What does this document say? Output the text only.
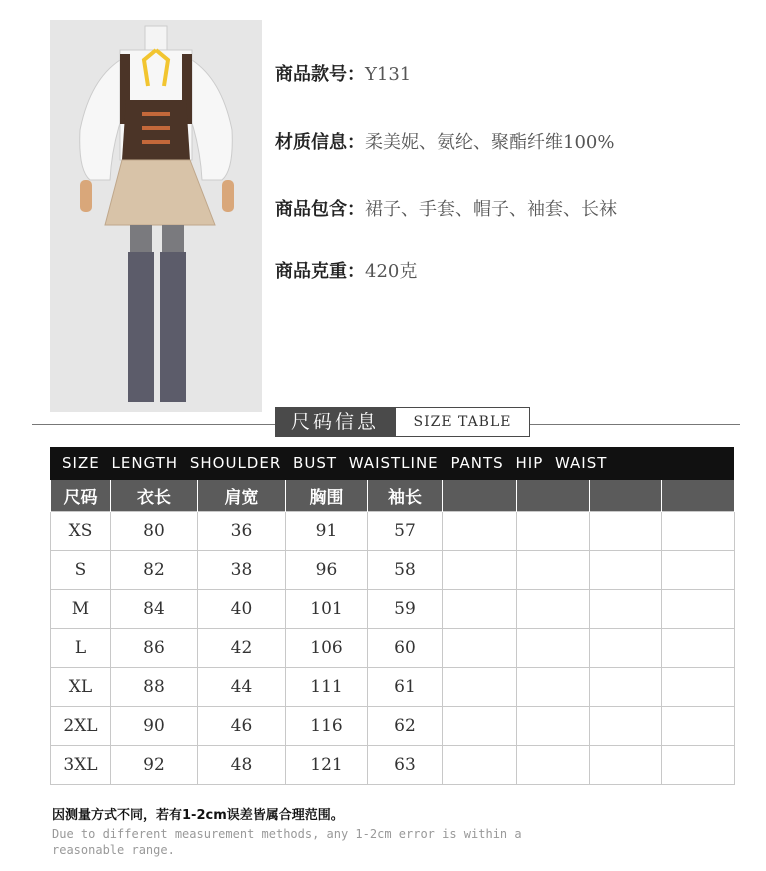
商品款号：Y131
材质信息：柔美妮、氨纶、聚酯纤维100%
商品包含：裙子、手套、帽子、袖套、长袜
商品克重：420克
尺码信息	SIZE TABLE
SIZE LENGTH SHOULDER BUST WAISTLINE PANTS HIP WAIST
尺码	衣长	肩宽	胸围	袖长				
XS	80	36	91	57				
S	82	38	96	58				
M	84	40	101	59				
L	86	42	106	60				
XL	88	44	111	61				
2XL	90	46	116	62				
3XL	92	48	121	63				
因测量方式不同，若有1-2cm误差皆属合理范围。
Due to different measurement methods, any 1-2cm error is within a reasonable range.
